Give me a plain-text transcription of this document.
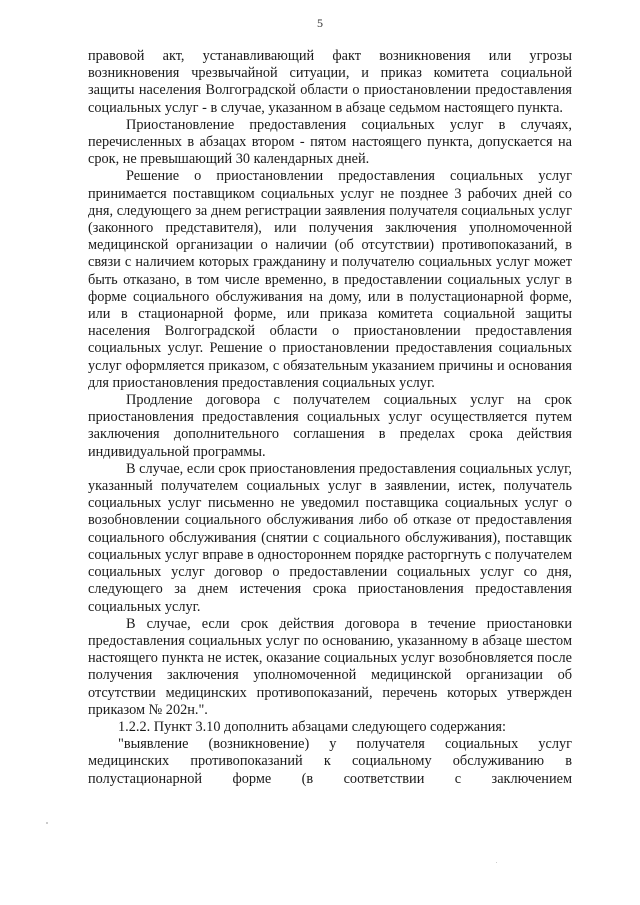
5

правовой акт, устанавливающий факт возникновения или угрозы возникновения чрезвычайной ситуации, и приказ комитета социальной защиты населения Волгоградской области о приостановлении предоставления социальных услуг - в случае, указанном в абзаце седьмом настоящего пункта.

Приостановление предоставления социальных услуг в случаях, перечисленных в абзацах втором - пятом настоящего пункта, допускается на срок, не превышающий 30 календарных дней.

Решение о приостановлении предоставления социальных услуг принимается поставщиком социальных услуг не позднее 3 рабочих дней со дня, следующего за днем регистрации заявления получателя социальных услуг (законного представителя), или получения заключения уполномоченной медицинской организации о наличии (об отсутствии) противопоказаний, в связи с наличием которых гражданину и получателю социальных услуг может быть отказано, в том числе временно, в предоставлении социальных услуг в форме социального обслуживания на дому, или в полустационарной форме, или в стационарной форме, или приказа комитета социальной защиты населения Волгоградской области о приостановлении предоставления социальных услуг. Решение о приостановлении предоставления социальных услуг оформляется приказом, с обязательным указанием причины и основания для приостановления предоставления социальных услуг.

Продление договора с получателем социальных услуг на срок приостановления предоставления социальных услуг осуществляется путем заключения дополнительного соглашения в пределах срока действия индивидуальной программы.

В случае, если срок приостановления предоставления социальных услуг, указанный получателем социальных услуг в заявлении, истек, получатель социальных услуг письменно не уведомил поставщика социальных услуг о возобновлении социального обслуживания либо об отказе от предоставления социального обслуживания (снятии с социального обслуживания), поставщик социальных услуг вправе в одностороннем порядке расторгнуть с получателем социальных услуг договор о предоставлении социальных услуг со дня, следующего за днем истечения срока приостановления предоставления социальных услуг.

В случае, если срок действия договора в течение приостановки предоставления социальных услуг по основанию, указанному в абзаце шестом настоящего пункта не истек, оказание социальных услуг возобновляется после получения заключения уполномоченной медицинской организации об отсутствии медицинских противопоказаний, перечень которых утвержден приказом № 202н.".

1.2.2. Пункт 3.10 дополнить абзацами следующего содержания:

"выявление (возникновение) у получателя социальных услуг медицинских противопоказаний к социальному обслуживанию в полустационарной форме (в соответствии с заключением
